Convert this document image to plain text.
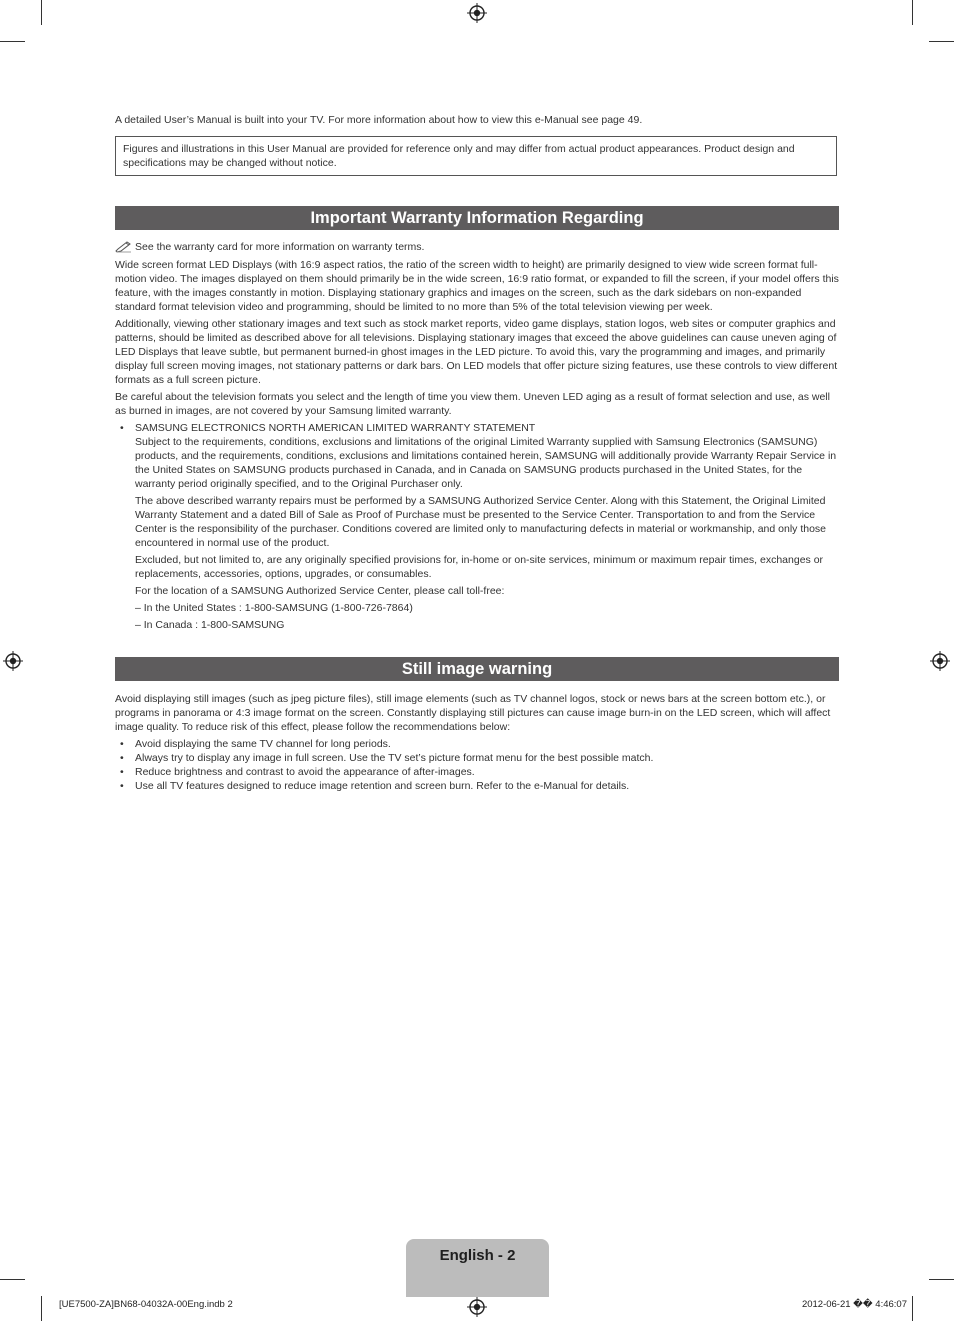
A detailed User’s Manual is built into your TV. For more information about how to view this e-Manual see page 49.
Figures and illustrations in this User Manual are provided for reference only and may differ from actual product appearances. Product design and specifications may be changed without notice.
Important Warranty Information Regarding
See the warranty card for more information on warranty terms.

Wide screen format LED Displays (with 16:9 aspect ratios, the ratio of the screen width to height) are primarily designed to view wide screen format full-motion video. The images displayed on them should primarily be in the wide screen, 16:9 ratio format, or expanded to fill the screen, if your model offers this feature, with the images constantly in motion. Displaying stationary graphics and images on the screen, such as the dark sidebars on non-expanded standard format television video and programming, should be limited to no more than 5% of the total television viewing per week.

Additionally, viewing other stationary images and text such as stock market reports, video game displays, station logos, web sites or computer graphics and patterns, should be limited as described above for all televisions. Displaying stationary images that exceed the above guidelines can cause uneven aging of LED Displays that leave subtle, but permanent burned-in ghost images in the LED picture. To avoid this, vary the programming and images, and primarily display full screen moving images, not stationary patterns or dark bars. On LED models that offer picture sizing features, use these controls to view different formats as a full screen picture.

Be careful about the television formats you select and the length of time you view them. Uneven LED aging as a result of format selection and use, as well as burned in images, are not covered by your Samsung limited warranty.

•	SAMSUNG ELECTRONICS NORTH AMERICAN LIMITED WARRANTY STATEMENT

Subject to the requirements, conditions, exclusions and limitations of the original Limited Warranty supplied with Samsung Electronics (SAMSUNG) products, and the requirements, conditions, exclusions and limitations contained herein, SAMSUNG will additionally provide Warranty Repair Service in the United States on SAMSUNG products purchased in Canada, and in Canada on SAMSUNG products purchased in the United States, for the warranty period originally specified, and to the Original Purchaser only.

The above described warranty repairs must be performed by a SAMSUNG Authorized Service Center. Along with this Statement, the Original Limited Warranty Statement and a dated Bill of Sale as Proof of Purchase must be presented to the Service Center. Transportation to and from the Service Center is the responsibility of the purchaser. Conditions covered are limited only to manufacturing defects in material or workmanship, and only those encountered in normal use of the product.

Excluded, but not limited to, are any originally specified provisions for, in-home or on-site services, minimum or maximum repair times, exchanges or replacements, accessories, options, upgrades, or consumables.

For the location of a SAMSUNG Authorized Service Center, please call toll-free:

– In the United States : 1-800-SAMSUNG (1-800-726-7864)
– In Canada : 1-800-SAMSUNG
Still image warning

Avoid displaying still images (such as jpeg picture files), still image elements (such as TV channel logos, stock or news bars at the screen bottom etc.), or programs in panorama or 4:3 image format on the screen. Constantly displaying still pictures can cause image burn-in on the LED screen, which will affect image quality. To reduce risk of this effect, please follow the recommendations below:

•	Avoid displaying the same TV channel for long periods.
•	Always try to display any image in full screen. Use the TV set’s picture format menu for the best possible match.
•	Reduce brightness and contrast to avoid the appearance of after-images.
•	Use all TV features designed to reduce image retention and screen burn. Refer to the e-Manual for details.
English - 2
[UE7500-ZA]BN68-04032A-00Eng.indb 2	2012-06-21 �� 4:46:07
